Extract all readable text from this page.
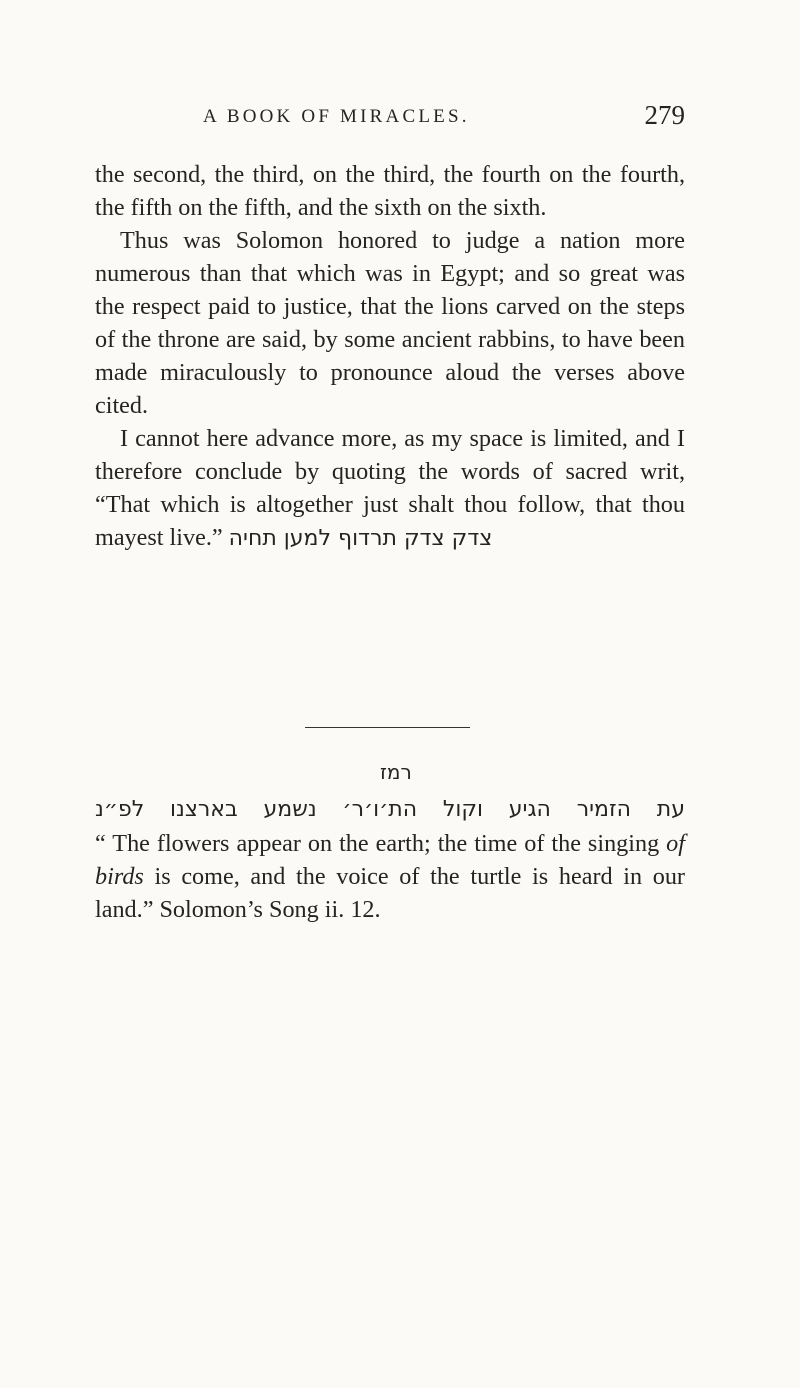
A BOOK OF MIRACLES.	279

the second, the third, on the third, the fourth on the fourth, the fifth on the fifth, and the sixth on the sixth.

Thus was Solomon honored to judge a nation more numerous than that which was in Egypt; and so great was the respect paid to justice, that the lions carved on the steps of the throne are said, by some ancient rabbins, to have been made miraculously to pronounce aloud the verses above cited.

I cannot here advance more, as my space is limited, and I therefore conclude by quoting the words of sacred writ, “That which is altogether just shalt thou follow, that thou mayest live.” צדק צדק תרדוף למען תחיה

רמז
עת הזמיר הגיע וקול הת׳ו׳ר׳ נשמע בארצנו לפ״נ

“ The flowers appear on the earth; the time of the singing of birds is come, and the voice of the turtle is heard in our land.” Solomon’s Song ii. 12.
